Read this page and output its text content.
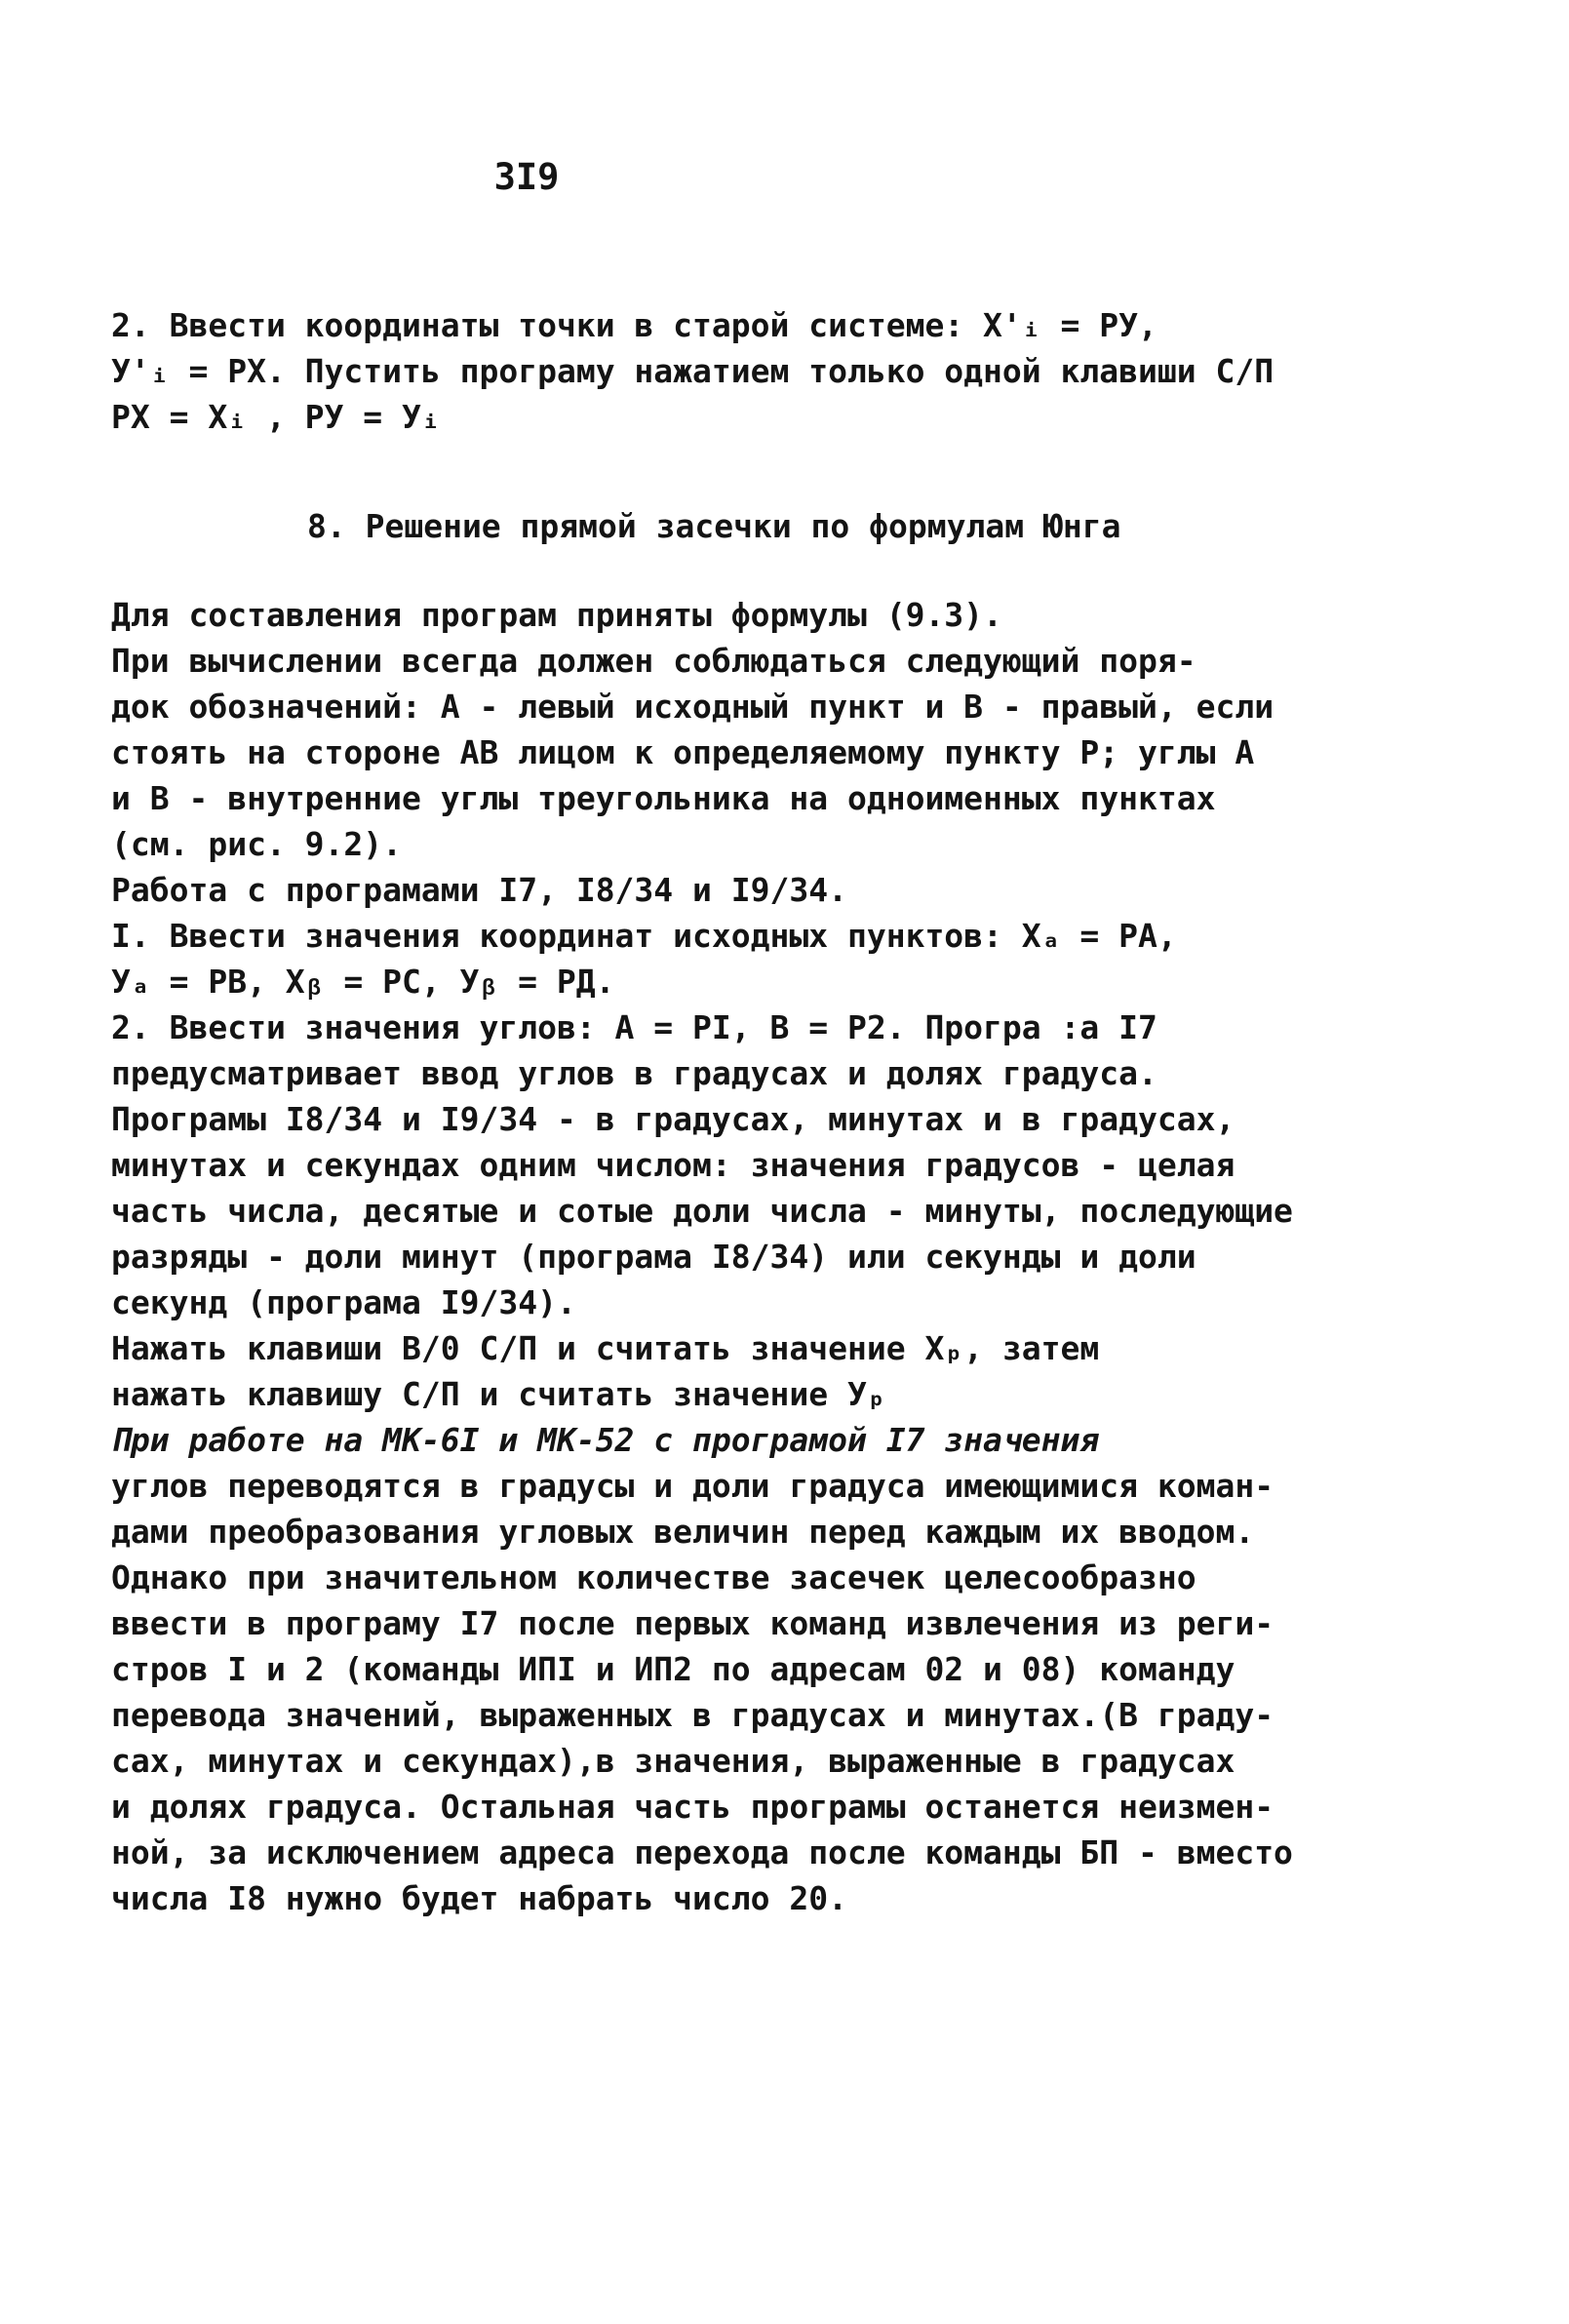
3I9

2. Ввести координаты точки в старой системе: X'ᵢ = РУ,

У'ᵢ = РХ. Пустить програму нажатием только одной клавиши С/П

РХ = Xᵢ , РУ = Уᵢ

8. Решение прямой засечки по формулам Юнга

Для составления програм приняты формулы (9.3).

При вычислении всегда должен соблюдаться следующий поря-

док обозначений: А - левый исходный пункт и В - правый, если

стоять на стороне АВ лицом к определяемому пункту Р; углы А

и В - внутренние углы треугольника на одноименных пунктах

(см. рис. 9.2).

Работа с програмами I7, I8/34 и I9/34.

I. Ввести значения координат исходных пунктов: Xₐ = РА,

Уₐ = РВ, Xᵦ = РС, Уᵦ = РД.

2. Ввести значения углов: А = РI, В = Р2. Програ :а I7

предусматривает ввод углов в градусах и долях градуса.

Програмы I8/34 и I9/34 - в градусах, минутах и в градусах,

минутах и секундах одним числом: значения градусов - целая

часть числа, десятые и сотые доли числа - минуты, последующие

разряды - доли минут (програма I8/34) или секунды и доли

секунд (програма I9/34).

Нажать клавиши В/0 С/П и считать значение Xₚ, затем

нажать клавишу С/П и считать значение Уₚ

При работе на МК-6I и МК-52 с програмой I7 значения

углов переводятся в градусы и доли градуса имеющимися коман-

дами преобразования угловых величин перед каждым их вводом.

Однако при значительном количестве засечек целесообразно

ввести в програму I7 после первых команд извлечения из реги-

стров I и 2 (команды ИПI и ИП2 по адресам 02 и 08) команду

перевода значений, выраженных в градусах и минутах.(В граду-

сах, минутах и секундах),в значения, выраженные в градусах

и долях градуса. Остальная часть програмы останется неизмен-

ной, за исключением адреса перехода после команды БП - вместо

числа I8 нужно будет набрать число 20.
